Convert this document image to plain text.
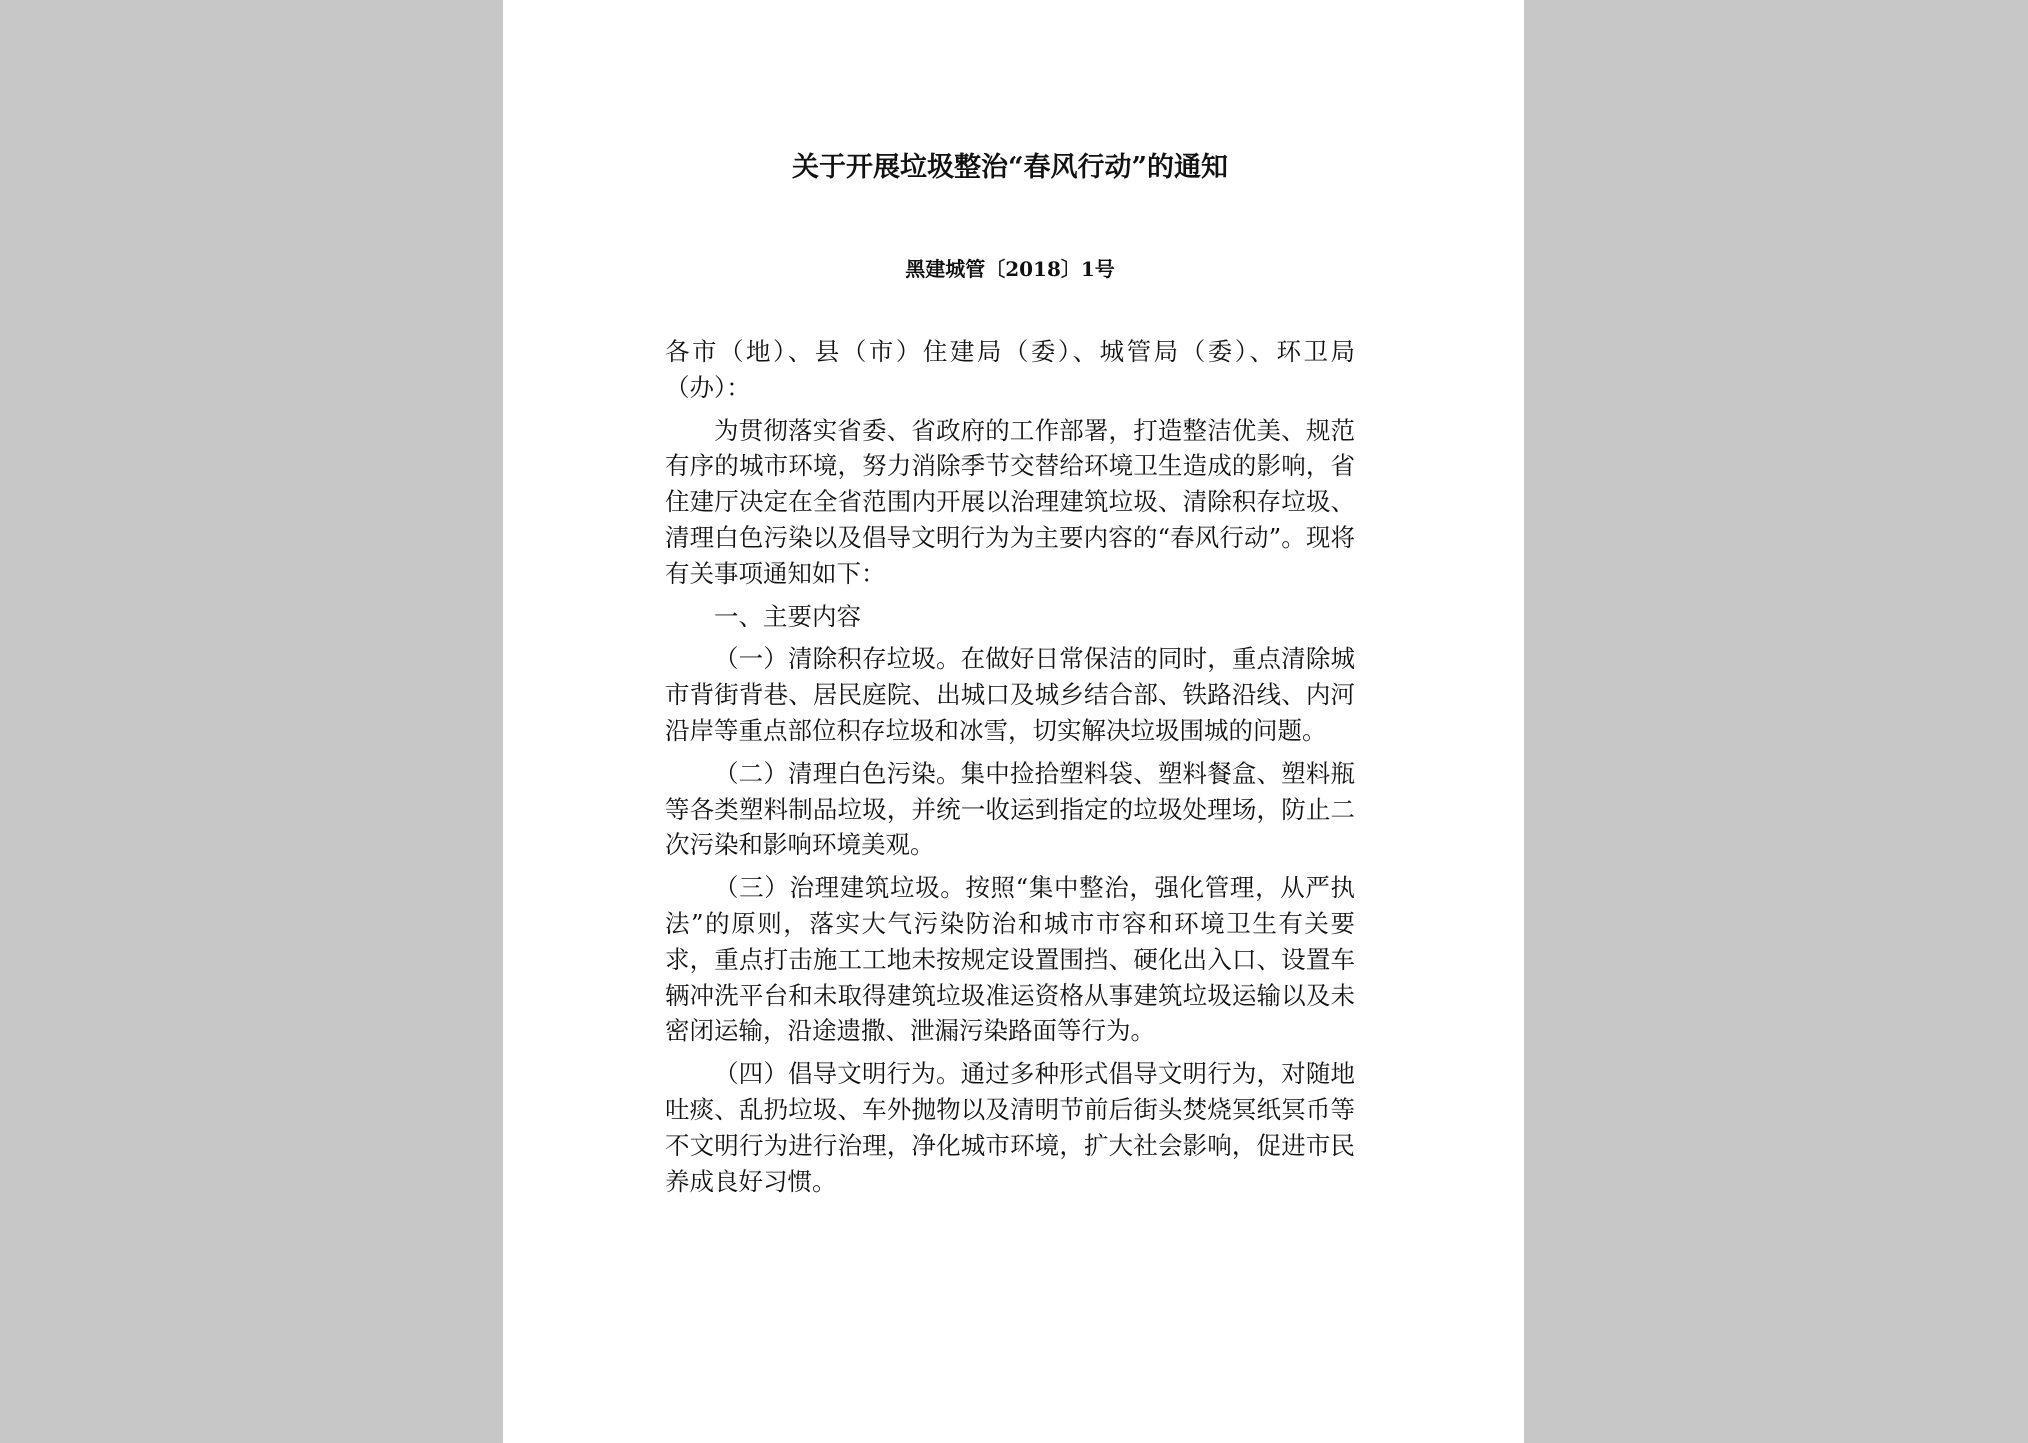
关于开展垃圾整治“春风行动”的通知
黑建城管〔2018〕1号

各市（地）、县（市）住建局（委）、城管局（委）、环卫局（办）：

为贯彻落实省委、省政府的工作部署，打造整洁优美、规范有序的城市环境，努力消除季节交替给环境卫生造成的影响，省住建厅决定在全省范围内开展以治理建筑垃圾、清除积存垃圾、清理白色污染以及倡导文明行为为主要内容的“春风行动”。现将有关事项通知如下：

一、主要内容

（一）清除积存垃圾。在做好日常保洁的同时，重点清除城市背街背巷、居民庭院、出城口及城乡结合部、铁路沿线、内河沿岸等重点部位积存垃圾和冰雪，切实解决垃圾围城的问题。

（二）清理白色污染。集中捡拾塑料袋、塑料餐盒、塑料瓶等各类塑料制品垃圾，并统一收运到指定的垃圾处理场，防止二次污染和影响环境美观。

（三）治理建筑垃圾。按照“集中整治，强化管理，从严执法”的原则，落实大气污染防治和城市市容和环境卫生有关要求，重点打击施工工地未按规定设置围挡、硬化出入口、设置车辆冲洗平台和未取得建筑垃圾准运资格从事建筑垃圾运输以及未密闭运输，沿途遗撒、泄漏污染路面等行为。

（四）倡导文明行为。通过多种形式倡导文明行为，对随地吐痰、乱扔垃圾、车外抛物以及清明节前后街头焚烧冥纸冥币等不文明行为进行治理，净化城市环境，扩大社会影响，促进市民养成良好习惯。
